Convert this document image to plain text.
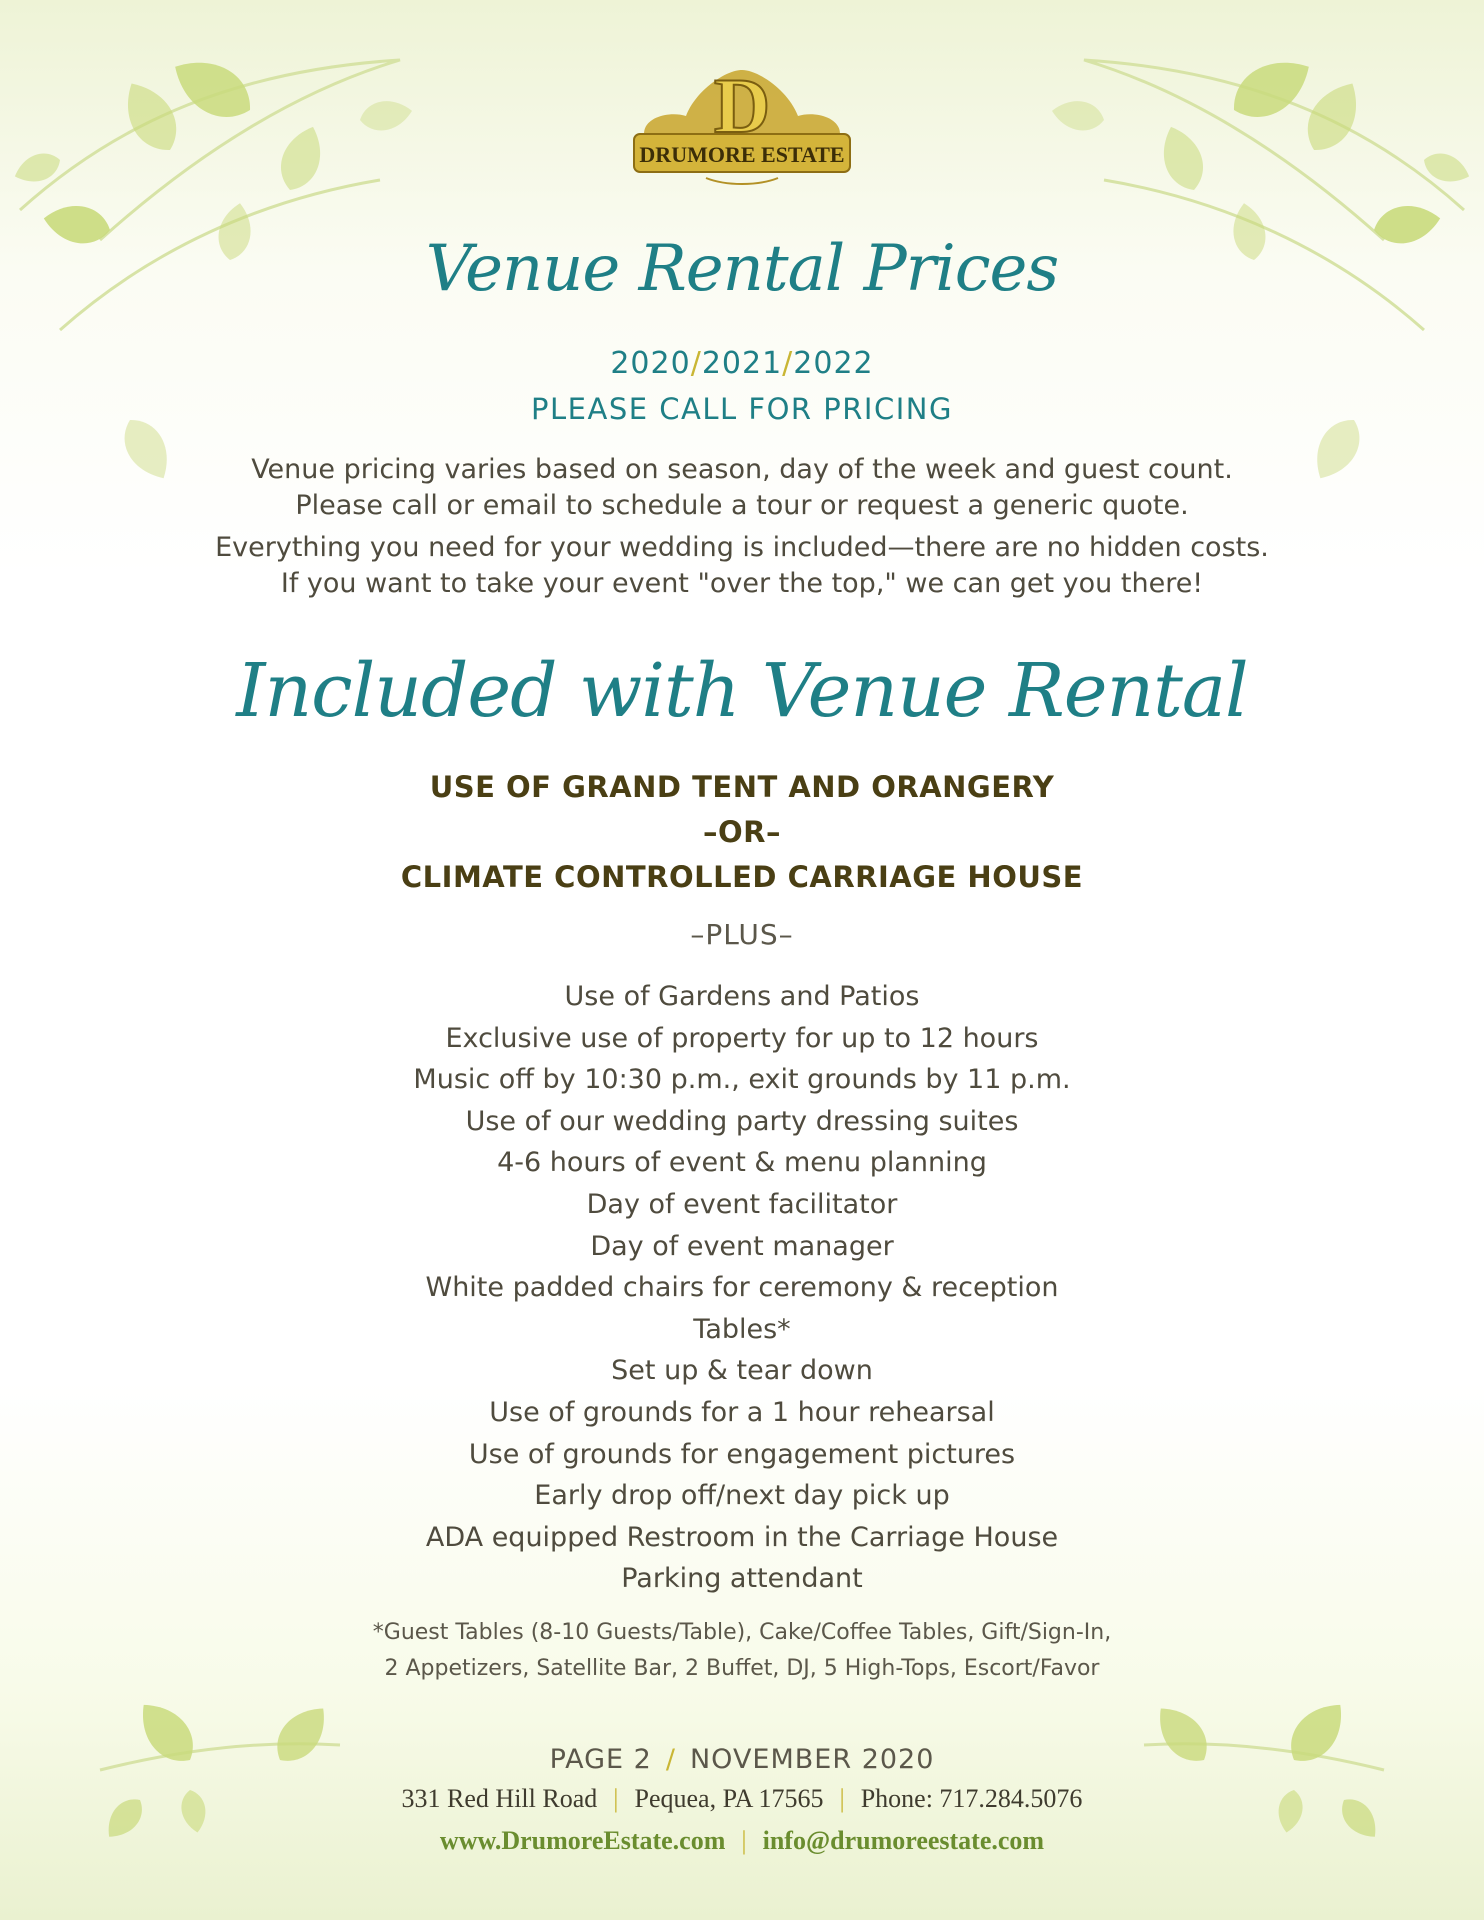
D
DRUMORE ESTATE
Venue Rental Prices
2020/2021/2022
PLEASE CALL FOR PRICING
Venue pricing varies based on season, day of the week and guest count.
Please call or email to schedule a tour or request a generic quote.
Everything you need for your wedding is included—there are no hidden costs.
If you want to take your event "over the top," we can get you there!
Included with Venue Rental
USE OF GRAND TENT AND ORANGERY
–OR–
CLIMATE CONTROLLED CARRIAGE HOUSE
–PLUS–
Use of Gardens and Patios
Exclusive use of property for up to 12 hours
Music off by 10:30 p.m., exit grounds by 11 p.m.
Use of our wedding party dressing suites
4-6 hours of event & menu planning
Day of event facilitator
Day of event manager
White padded chairs for ceremony & reception
Tables*
Set up & tear down
Use of grounds for a 1 hour rehearsal
Use of grounds for engagement pictures
Early drop off/next day pick up
ADA equipped Restroom in the Carriage House
Parking attendant
*Guest Tables (8-10 Guests/Table), Cake/Coffee Tables, Gift/Sign-In,
2 Appetizers, Satellite Bar, 2 Buffet, DJ, 5 High-Tops, Escort/Favor
PAGE 2 / NOVEMBER 2020
331 Red Hill Road | Pequea, PA 17565 | Phone: 717.284.5076
www.DrumoreEstate.com | info@drumoreestate.com
